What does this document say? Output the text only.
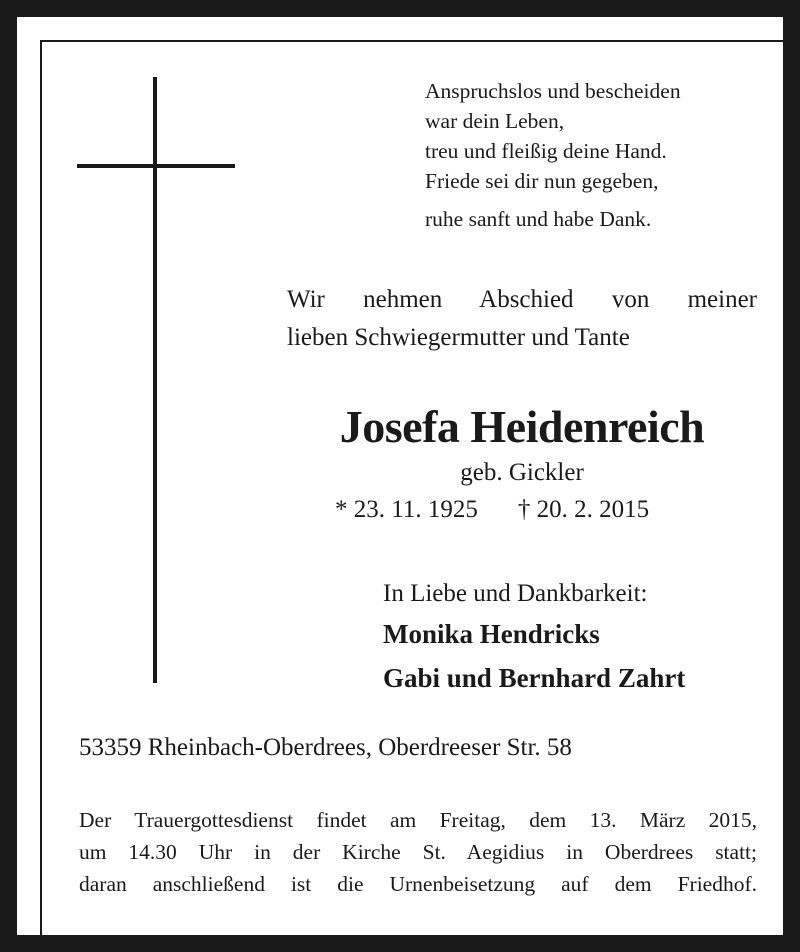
Anspruchslos und bescheiden
war dein Leben,
treu und fleißig deine Hand.
Friede sei dir nun gegeben,
ruhe sanft und habe Dank.
Wir nehmen Abschied von meiner
lieben Schwiegermutter und Tante
Josefa Heidenreich
geb. Gickler
* 23. 11. 1925 † 20. 2. 2015
In Liebe und Dankbarkeit:
Monika Hendricks
Gabi und Bernhard Zahrt
53359 Rheinbach-Oberdrees, Oberdreeser Str. 58
Der Trauergottesdienst findet am Freitag, dem 13. März 2015,
um 14.30 Uhr in der Kirche St. Aegidius in Oberdrees statt;
daran anschließend ist die Urnenbeisetzung auf dem Friedhof.
